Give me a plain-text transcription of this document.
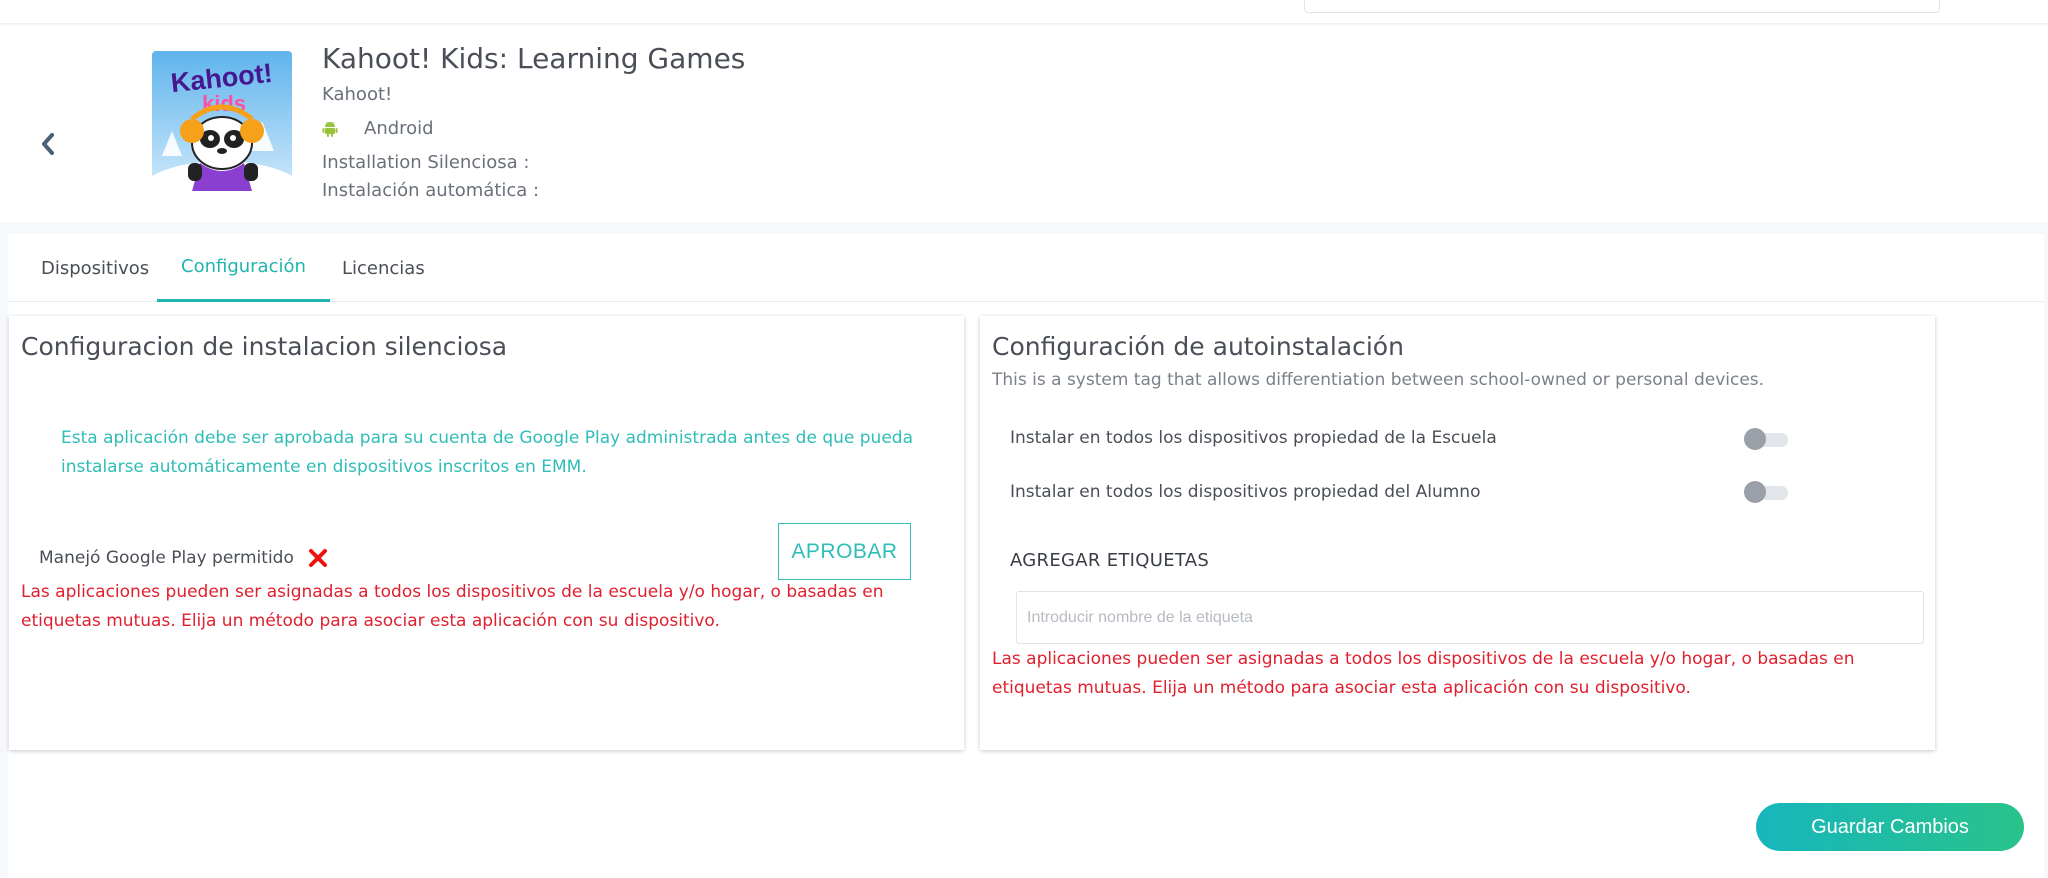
Kahoot!
kids
Kahoot! Kids: Learning Games
Kahoot!
Android
Installation Silenciosa :
Instalación automática :
Dispositivos	Configuración	Licencias
Configuracion de instalacion silenciosa
Esta aplicación debe ser aprobada para su cuenta de Google Play administrada antes de que pueda instalarse automáticamente en dispositivos inscritos en EMM.
Manejó Google Play permitido	APROBAR
Las aplicaciones pueden ser asignadas a todos los dispositivos de la escuela y/o hogar, o basadas en etiquetas mutuas. Elija un método para asociar esta aplicación con su dispositivo.
Configuración de autoinstalación
This is a system tag that allows differentiation between school-owned or personal devices.
Instalar en todos los dispositivos propiedad de la Escuela
Instalar en todos los dispositivos propiedad del Alumno
AGREGAR ETIQUETAS
Introducir nombre de la etiqueta
Las aplicaciones pueden ser asignadas a todos los dispositivos de la escuela y/o hogar, o basadas en etiquetas mutuas. Elija un método para asociar esta aplicación con su dispositivo.
Guardar Cambios
